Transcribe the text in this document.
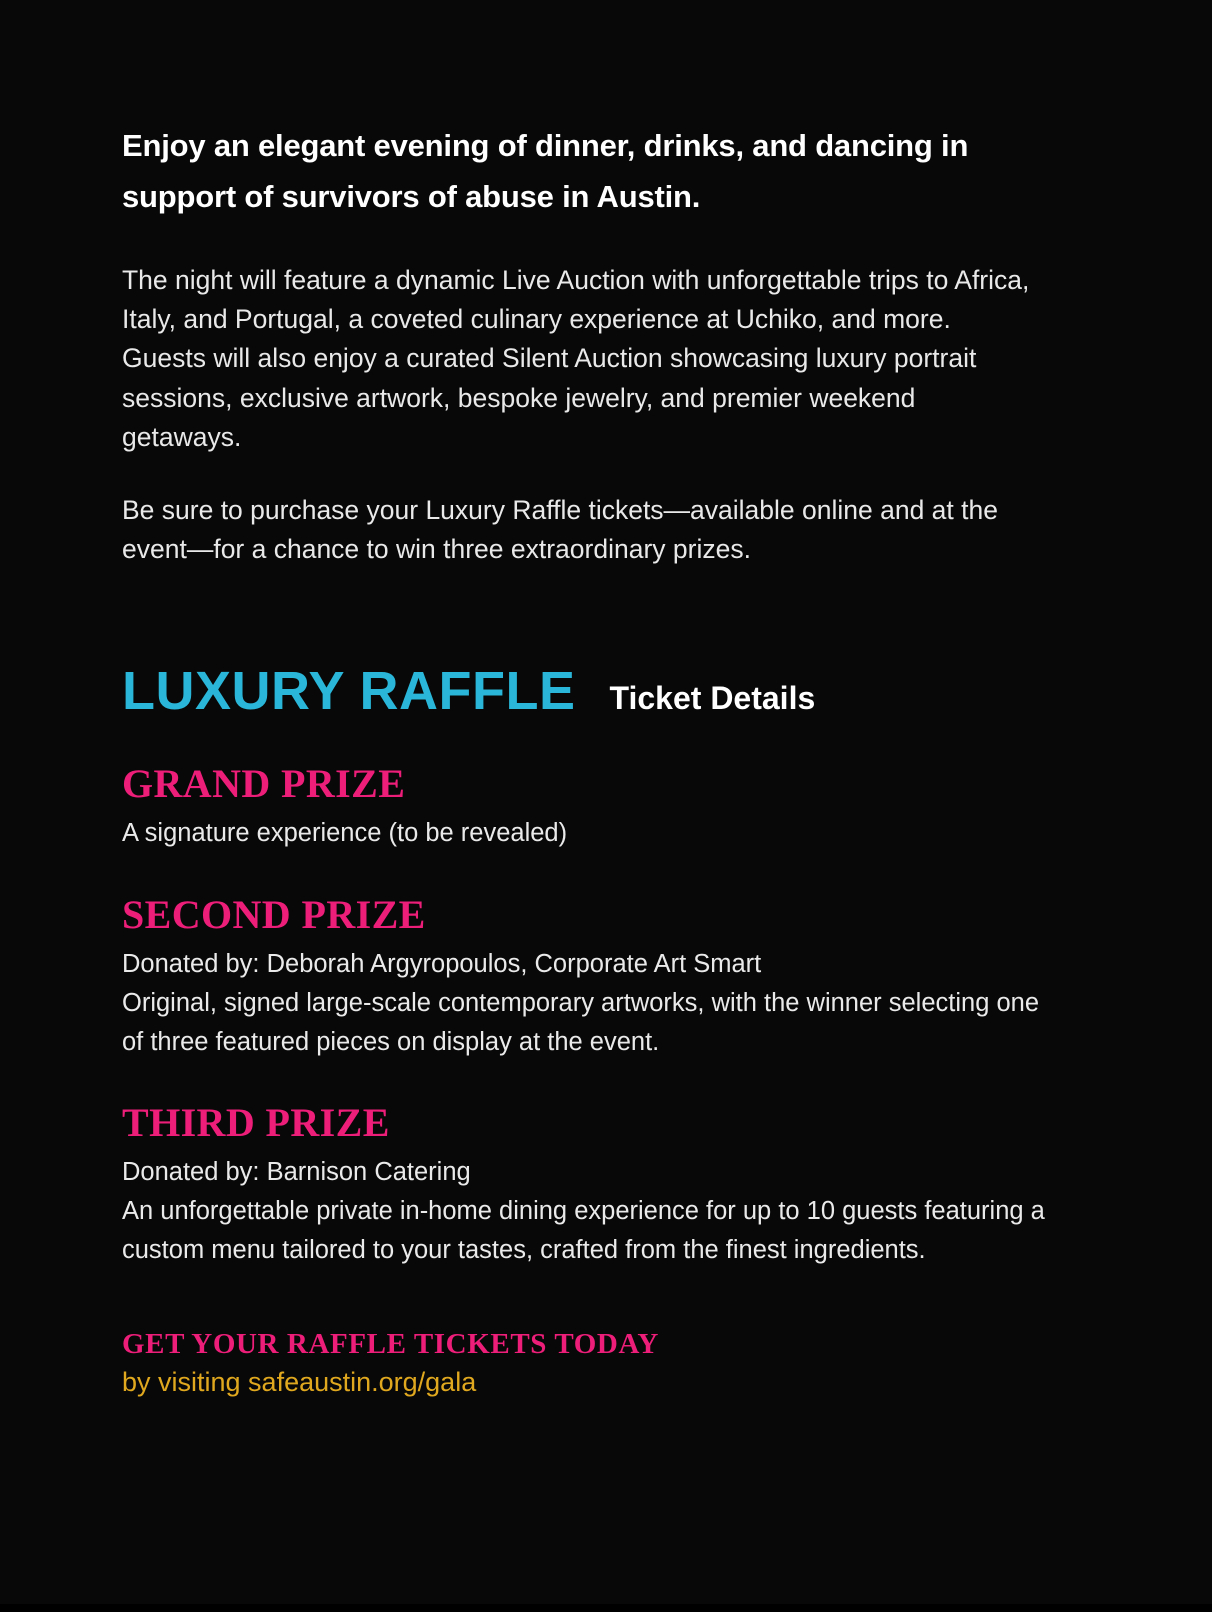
Enjoy an elegant evening of dinner, drinks, and dancing in support of survivors of abuse in Austin.

The night will feature a dynamic Live Auction with unforgettable trips to Africa, Italy, and Portugal, a coveted culinary experience at Uchiko, and more. Guests will also enjoy a curated Silent Auction showcasing luxury portrait sessions, exclusive artwork, bespoke jewelry, and premier weekend getaways.

Be sure to purchase your Luxury Raffle tickets—available online and at the event—for a chance to win three extraordinary prizes.

LUXURY RAFFLE Ticket Details
GRAND PRIZE

A signature experience (to be revealed)

SECOND PRIZE

Donated by: Deborah Argyropoulos, Corporate Art Smart

Original, signed large-scale contemporary artworks, with the winner selecting one of three featured pieces on display at the event.

THIRD PRIZE

Donated by: Barnison Catering

An unforgettable private in-home dining experience for up to 10 guests featuring a custom menu tailored to your tastes, crafted from the finest ingredients.

GET YOUR RAFFLE TICKETS TODAY
by visiting safeaustin.org/gala
